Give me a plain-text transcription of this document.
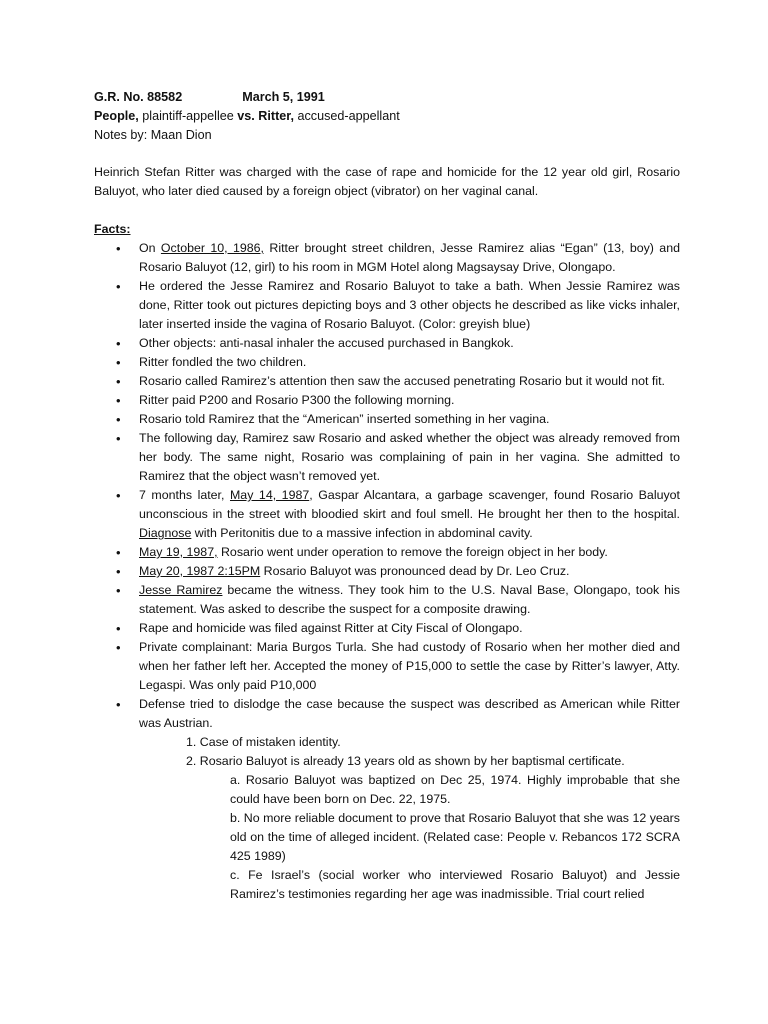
G.R. No. 88582	March 5, 1991
People, plaintiff-appellee vs. Ritter, accused-appellant
Notes by: Maan Dion

Heinrich Stefan Ritter was charged with the case of rape and homicide for the 12 year old girl, Rosario Baluyot, who later died caused by a foreign object (vibrator) on her vaginal canal.

Facts:
• On October 10, 1986, Ritter brought street children, Jesse Ramirez alias “Egan” (13, boy) and Rosario Baluyot (12, girl) to his room in MGM Hotel along Magsaysay Drive, Olongapo.
• He ordered the Jesse Ramirez and Rosario Baluyot to take a bath. When Jessie Ramirez was done, Ritter took out pictures depicting boys and 3 other objects he described as like vicks inhaler, later inserted inside the vagina of Rosario Baluyot. (Color: greyish blue)
• Other objects: anti-nasal inhaler the accused purchased in Bangkok.
• Ritter fondled the two children.
• Rosario called Ramirez’s attention then saw the accused penetrating Rosario but it would not fit.
• Ritter paid P200 and Rosario P300 the following morning.
• Rosario told Ramirez that the “American” inserted something in her vagina.
• The following day, Ramirez saw Rosario and asked whether the object was already removed from her body. The same night, Rosario was complaining of pain in her vagina. She admitted to Ramirez that the object wasn’t removed yet.
• 7 months later, May 14, 1987, Gaspar Alcantara, a garbage scavenger, found Rosario Baluyot unconscious in the street with bloodied skirt and foul smell. He brought her then to the hospital. Diagnose with Peritonitis due to a massive infection in abdominal cavity.
• May 19, 1987, Rosario went under operation to remove the foreign object in her body.
• May 20, 1987 2:15PM Rosario Baluyot was pronounced dead by Dr. Leo Cruz.
• Jesse Ramirez became the witness. They took him to the U.S. Naval Base, Olongapo, took his statement. Was asked to describe the suspect for a composite drawing.
• Rape and homicide was filed against Ritter at City Fiscal of Olongapo.
• Private complainant: Maria Burgos Turla. She had custody of Rosario when her mother died and when her father left her. Accepted the money of P15,000 to settle the case by Ritter’s lawyer, Atty. Legaspi. Was only paid P10,000
• Defense tried to dislodge the case because the suspect was described as American while Ritter was Austrian.
1. Case of mistaken identity.
2. Rosario Baluyot is already 13 years old as shown by her baptismal certificate.
a. Rosario Baluyot was baptized on Dec 25, 1974. Highly improbable that she could have been born on Dec. 22, 1975.
b. No more reliable document to prove that Rosario Baluyot that she was 12 years old on the time of alleged incident. (Related case: People v. Rebancos 172 SCRA 425 1989)
c. Fe Israel’s (social worker who interviewed Rosario Baluyot) and Jessie Ramirez’s testimonies regarding her age was inadmissible. Trial court relied
